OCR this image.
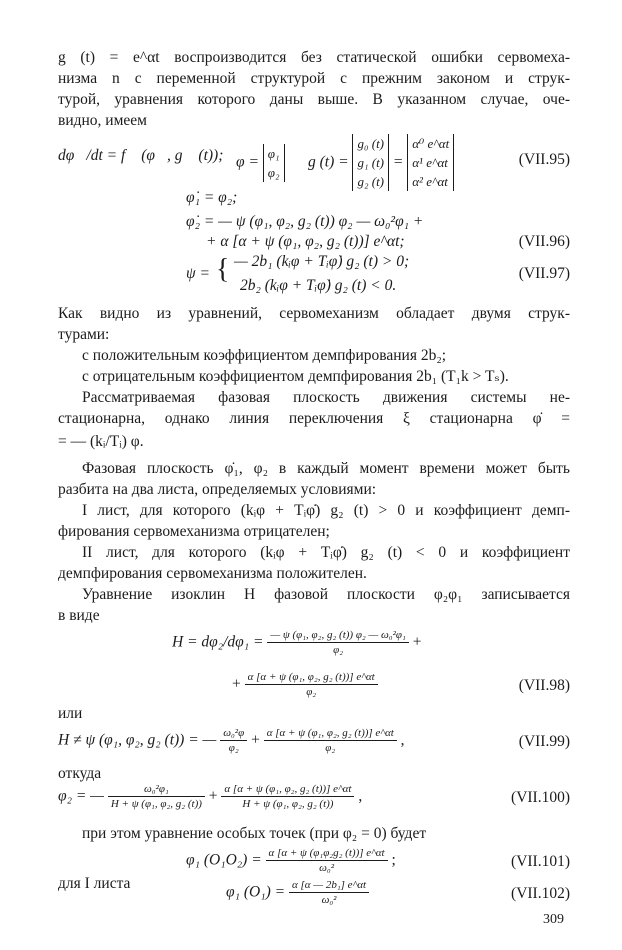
g (t) = e^αt воспроизводится без статической ошибки сервомеха-
низма n с переменной структурой с прежним законом и струк-
турой, уравнения которого даны выше. В указанном случае, оче-
видно, имеем
dφ⃗/dt = f⃗ (φ⃗, g⃗ (t)); φ =
φ₁
φ₂
g (t) =
g₀ (t)
g₁ (t)
g₂ (t)
=
α⁰ e^αt
α¹ e^αt
α² e^αt
(VII.95)
φ̇₁ = φ₂;
φ̇₂ = — ψ (φ₁, φ₂, g₂ (t)) φ₂ — ω₀²φ₁ +
+ α [α + ψ (φ₁, φ₂, g₂ (t))] e^αt;	(VII.96)
ψ = { — 2b₁ (kᵢφ + Tᵢφ̇) g₂ (t) > 0;
2b₂ (kᵢφ + Tᵢφ̇) g₂ (t) < 0.
(VII.97)
Как видно из уравнений, сервомеханизм обладает двумя струк-
турами:
с положительным коэффициентом демпфирования 2b₂;
с отрицательным коэффициентом демпфирования 2b₁ (T₁k > Tₛ).
Рассматриваемая фазовая плоскость движения системы не-
стационарна, однако линия переключения ξ стационарна φ̇ =
= — (kᵢ/Tᵢ) φ.
Фазовая плоскость φ̇₁, φ₂ в каждый момент времени может быть
разбита на два листа, определяемых условиями:
I лист, для которого (kᵢφ + Tᵢφ̇) g₂ (t) > 0 и коэффициент демп-
фирования сервомеханизма отрицателен;
II лист, для которого (kᵢφ + Tᵢφ̇) g₂ (t) < 0 и коэффициент
демпфирования сервомеханизма положителен.
Уравнение изоклин H фазовой плоскости φ₂φ₁ записывается
в виде
$H = d\varphi_2/d\varphi_1 = \frac{\text{— ψ (φ₁, φ₂, g₂ (t)) φ₂ — ω₀²φ₁}}{\text{φ₂}}$ +
+ $\frac{\text{α [α + ψ (φ₁, φ₂, g₂ (t))] e\textasciicircum{}αt}}{\text{φ₂}}$	(VII.98)
или
H ≠ ψ (φ₁, φ₂, g₂ (t)) = — $\frac{\text{ω₀²φ}}{\text{φ₂}} + \frac{\text{α [α + ψ (φ₁, φ₂, g₂ (t))] e\textasciicircum{}αt}}{\text{φ₂}}$ ,	(VII.99)
откуда
φ₂ = — $\frac{\text{ω₀²φ₁}}{\text{H + ψ (φ₁, φ₂, g₂ (t))}} + \frac{\text{α [α + ψ (φ₁, φ₂, g₂ (t))] e\textasciicircum{}αt}}{\text{H + ψ (φ₁, φ₂, g₂ (t))}}$ ,	(VII.100)
при этом уравнение особых точек (при φ₂ = 0) будет
φ₁ $(O_1O_2) = \frac{\text{α [α + ψ (φ₁φ₂g₂ (t))] e\textasciicircum{}αt}}{\text{ω₀²}}$ ;	(VII.101)
для I листа	φ₁ $(O_1) = \frac{\text{α [α — 2b₁] e\textasciicircum{}αt}}{\text{ω₀²}}$	(VII.102)
309
